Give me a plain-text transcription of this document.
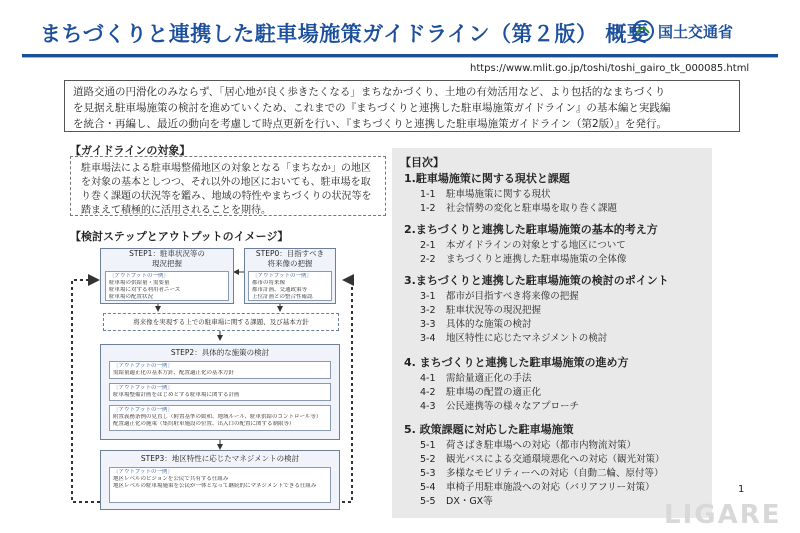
まちづくりと連携した駐車場施策ガイドライン（第２版） 概要 国土交通省
https://www.mlit.go.jp/toshi/toshi_gairo_tk_000085.html

道路交通の円滑化のみならず、「居心地が良く歩きたくなる」まちなかづくり、土地の有効活用など、より包括的なまちづくり

を見据え駐車場施策の検討を進めていくため、これまでの『まちづくりと連携した駐車場施策ガイドライン』の基本編と実践編

を統合・再編し、最近の動向を考慮して時点更新を行い、『まちづくりと連携した駐車場施策ガイドライン（第2版）』を発行。

【ガイドラインの対象】

駐車場法による駐車場整備地区の対象となる「まちなか」の地区

を対象の基本としつつ、それ以外の地区においても、駐車場を取

り巻く課題の状況等を鑑み、地域の特性やまちづくりの状況等を

踏まえて積極的に活用されることを期待。

【検討ステップとアウトプットのイメージ】
STEP1：駐車状況等の
現況把握
［アウトプットの一例］
駐車場の供給量・需要量
駐車場に対する利用者ニーズ
駐車場の配置状況
STEP0：目指すべき
将来像の把握
［アウトプットの一例］
都市の将来像
都市計画、交通政策等
上位計画との整合性確認
将来像を実現する上での駐車場に関する課題、及び基本方針
STEP2：具体的な施策の検討
［アウトプットの一例］
需給量適正化の基本方針、配置適正化の基本方針
［アウトプットの一例］
駐車場整備計画をはじめとする駐車場に関する計画
［アウトプットの一例］
附置義務条例の見直し（附置基準の緩和、地域ルール、駐車供給のコントロール等）
配置適正化の施策（集約駐車施設の位置、出入口の配置に関する制限等）
STEP3：地区特性に応じたマネジメントの検討
［アウトプットの一例］
地区レベルのビジョンを公民で共有する仕組み
地区レベルの駐車場施策を公民が一体となって継続的にマネジメントできる仕組み
【目次】
1.駐車場施策に関する現状と課題
1-1 駐車場施策に関する現状
1-2 社会情勢の変化と駐車場を取り巻く課題
2.まちづくりと連携した駐車場施策の基本的考え方
2-1 本ガイドラインの対象とする地区について
2-2 まちづくりと連携した駐車場施策の全体像
3.まちづくりと連携した駐車場施策の検討のポイント
3-1 都市が目指すべき将来像の把握
3-2 駐車状況等の現況把握
3-3 具体的な施策の検討
3-4 地区特性に応じたマネジメントの検討
4. まちづくりと連携した駐車場施策の進め方
4-1 需給量適正化の手法
4-2 駐車場の配置の適正化
4-3 公民連携等の様々なアプローチ
5. 政策課題に対応した駐車場施策
5-1 荷さばき駐車場への対応（都市内物流対策）
5-2 観光バスによる交通環境悪化への対応（観光対策）
5-3 多様なモビリティーへの対応（自動二輪、原付等）
5-4 車椅子用駐車施設への対応（バリアフリー対策）
5-5 DX・GX等
1
LIGARE
